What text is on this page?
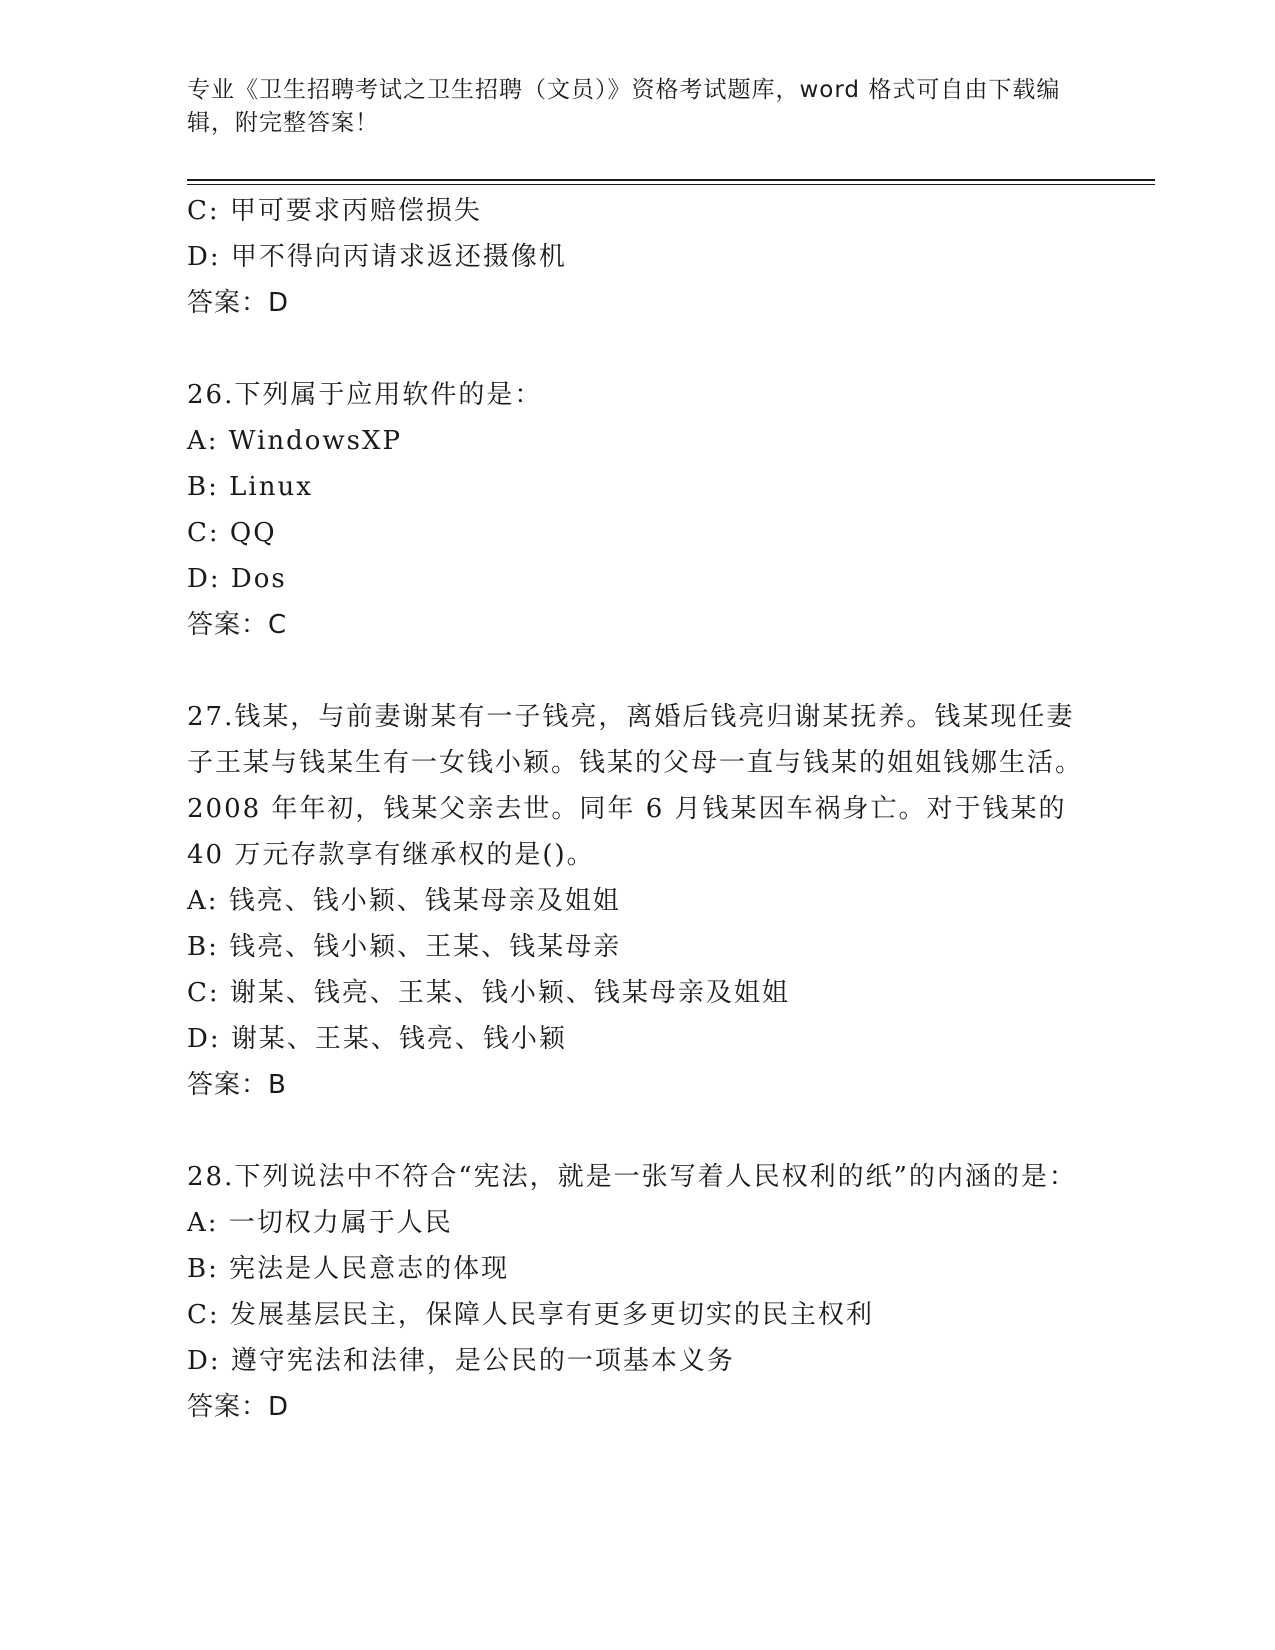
专业《卫生招聘考试之卫生招聘（文员）》资格考试题库，word 格式可自由下载编辑，附完整答案！
C: 甲可要求丙赔偿损失
D: 甲不得向丙请求返还摄像机
答案：D
26.下列属于应用软件的是：
A: WindowsXP
B: Linux
C: QQ
D: Dos
答案：C
27.钱某，与前妻谢某有一子钱亮，离婚后钱亮归谢某抚养。钱某现任妻子王某与钱某生有一女钱小颖。钱某的父母一直与钱某的姐姐钱娜生活。2008 年年初，钱某父亲去世。同年 6 月钱某因车祸身亡。对于钱某的 40 万元存款享有继承权的是()。
A: 钱亮、钱小颖、钱某母亲及姐姐
B: 钱亮、钱小颖、王某、钱某母亲
C: 谢某、钱亮、王某、钱小颖、钱某母亲及姐姐
D: 谢某、王某、钱亮、钱小颖
答案：B
28.下列说法中不符合“宪法，就是一张写着人民权利的纸”的内涵的是：
A: 一切权力属于人民
B: 宪法是人民意志的体现
C: 发展基层民主，保障人民享有更多更切实的民主权利
D: 遵守宪法和法律，是公民的一项基本义务
答案：D
